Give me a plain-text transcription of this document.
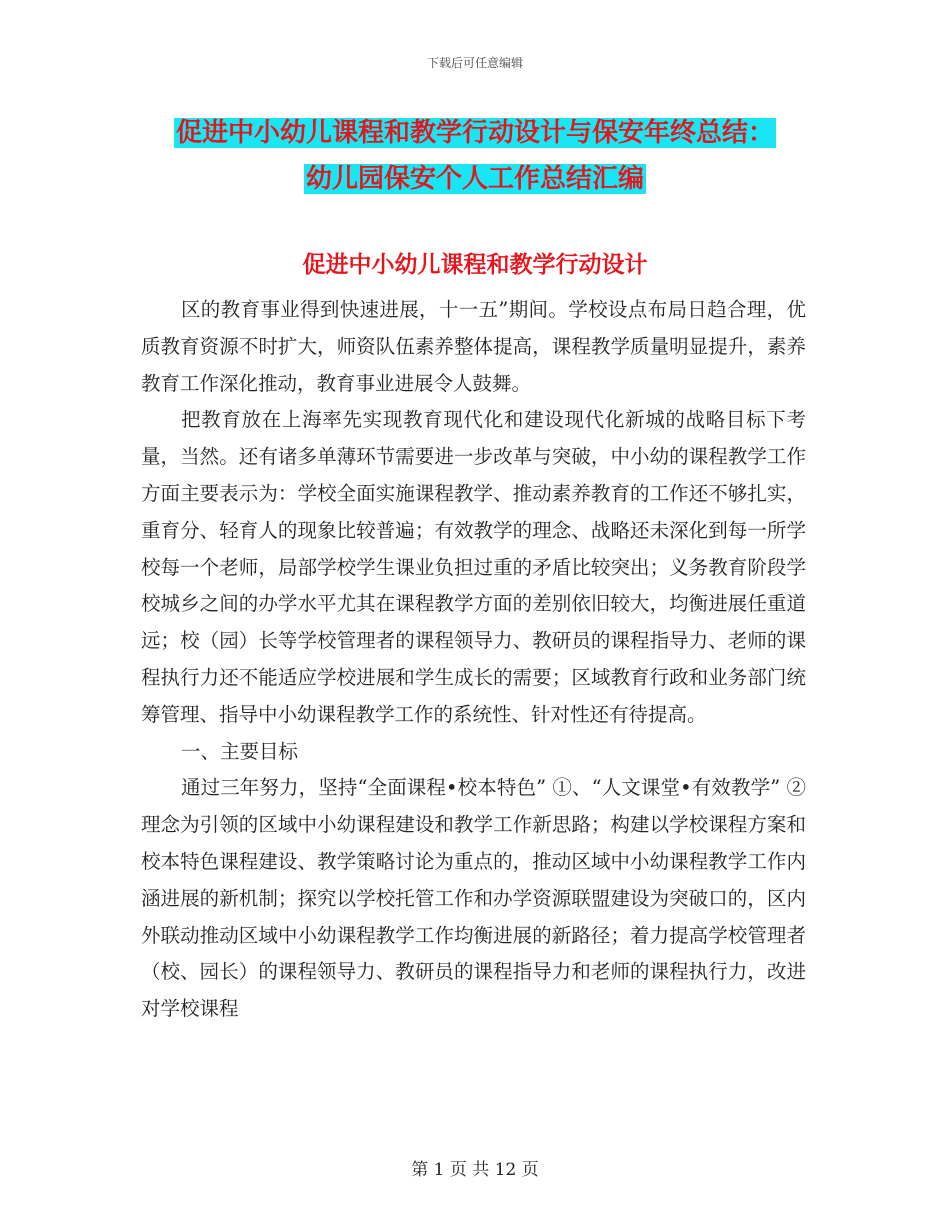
下载后可任意编辑
促进中小幼儿课程和教学行动设计与保安年终总结：
幼儿园保安个人工作总结汇编
促进中小幼儿课程和教学行动设计

区的教育事业得到快速进展，十一五”期间。学校设点布局日趋合理，优质教育资源不时扩大，师资队伍素养整体提高，课程教学质量明显提升，素养教育工作深化推动，教育事业进展令人鼓舞。

把教育放在上海率先实现教育现代化和建设现代化新城的战略目标下考量，当然。还有诸多单薄环节需要进一步改革与突破，中小幼的课程教学工作方面主要表示为：学校全面实施课程教学、推动素养教育的工作还不够扎实，重育分、轻育人的现象比较普遍；有效教学的理念、战略还未深化到每一所学校每一个老师，局部学校学生课业负担过重的矛盾比较突出；义务教育阶段学校城乡之间的办学水平尤其在课程教学方面的差别依旧较大，均衡进展任重道远；校（园）长等学校管理者的课程领导力、教研员的课程指导力、老师的课程执行力还不能适应学校进展和学生成长的需要；区域教育行政和业务部门统筹管理、指导中小幼课程教学工作的系统性、针对性还有待提高。

一、主要目标

通过三年努力，坚持“全面课程•校本特色” ①、“人文课堂•有效教学” ②理念为引领的区域中小幼课程建设和教学工作新思路；构建以学校课程方案和校本特色课程建设、教学策略讨论为重点的，推动区域中小幼课程教学工作内涵进展的新机制；探究以学校托管工作和办学资源联盟建设为突破口的，区内外联动推动区域中小幼课程教学工作均衡进展的新路径；着力提高学校管理者（校、园长）的课程领导力、教研员的课程指导力和老师的课程执行力，改进对学校课程

第 1 页 共 12 页
